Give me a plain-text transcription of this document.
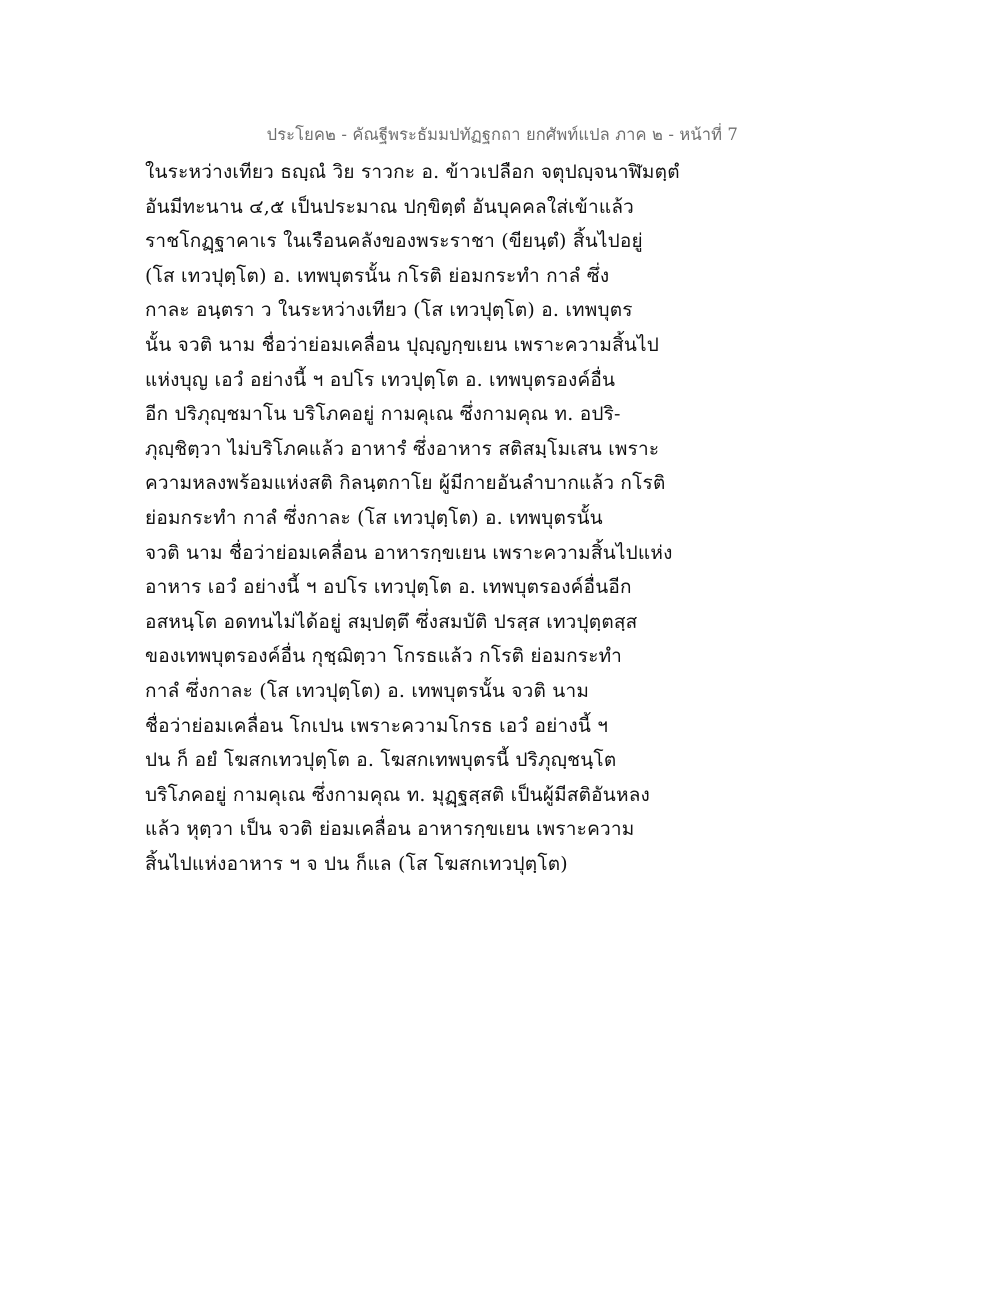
ประโยค๒ - คัณฐีพระธัมมปทัฏฐกถา ยกศัพท์แปล ภาค ๒ - หน้าที่ 7
ในระหว่างเทียว ธญฺณํ วิย ราวกะ อ. ข้าวเปลือก จตุปญฺจนาฬิมตฺตํ
อันมีทะนาน ๔,๕ เป็นประมาณ ปกฺขิตฺตํ อันบุคคลใส่เข้าแล้ว
ราชโกฏฺฐาคาเร ในเรือนคลังของพระราชา (ขียนฺตํ) สิ้นไปอยู่
(โส เทวปุตฺโต) อ. เทพบุตรนั้น กโรติ ย่อมกระทำ กาลํ ซึ่ง
กาละ อนฺตรา ว ในระหว่างเทียว (โส เทวปุตฺโต) อ. เทพบุตร
นั้น จวติ นาม ชื่อว่าย่อมเคลื่อน ปุญฺญกฺขเยน เพราะความสิ้นไป
แห่งบุญ เอวํ อย่างนี้ ฯ อปโร เทวปุตฺโต อ. เทพบุตรองค์อื่น
อีก ปริภุญฺชมาโน บริโภคอยู่ กามคุเณ ซึ่งกามคุณ ท. อปริ-
ภุญฺชิตฺวา ไม่บริโภคแล้ว อาหารํ ซึ่งอาหาร สติสมฺโมเสน เพราะ
ความหลงพร้อมแห่งสติ กิลนฺตกาโย ผู้มีกายอันลำบากแล้ว กโรติ
ย่อมกระทำ กาลํ ซึ่งกาละ (โส เทวปุตฺโต) อ. เทพบุตรนั้น
จวติ นาม ชื่อว่าย่อมเคลื่อน อาหารกฺขเยน เพราะความสิ้นไปแห่ง
อาหาร เอวํ อย่างนี้ ฯ อปโร เทวปุตฺโต อ. เทพบุตรองค์อื่นอีก
อสหนฺโต อดทนไม่ได้อยู่ สมฺปตฺตึ ซึ่งสมบัติ ปรสฺส เทวปุตฺตสฺส
ของเทพบุตรองค์อื่น กุชฺฌิตฺวา โกรธแล้ว กโรติ ย่อมกระทำ
กาลํ ซึ่งกาละ (โส เทวปุตฺโต) อ. เทพบุตรนั้น จวติ นาม
ชื่อว่าย่อมเคลื่อน โกเปน เพราะความโกรธ เอวํ อย่างนี้ ฯ
ปน ก็ อยํ โฆสกเทวปุตฺโต อ. โฆสกเทพบุตรนี้ ปริภุญฺชนฺโต
บริโภคอยู่ กามคุเณ ซึ่งกามคุณ ท. มุฏฺฐสฺสติ เป็นผู้มีสติอันหลง
แล้ว หุตฺวา เป็น จวติ ย่อมเคลื่อน อาหารกฺขเยน เพราะความ
สิ้นไปแห่งอาหาร ฯ จ ปน ก็แล (โส โฆสกเทวปุตฺโต)
